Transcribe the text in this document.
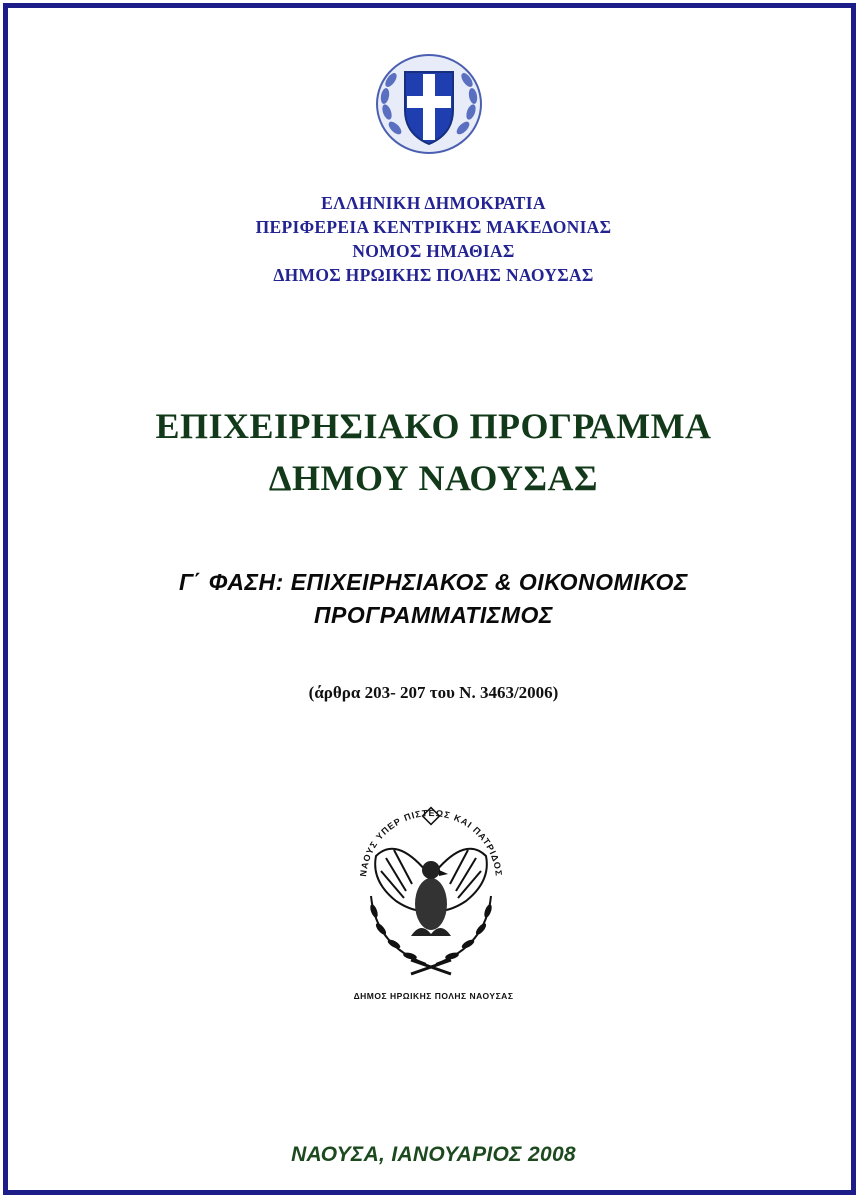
ΕΛΛΗΝΙΚΗ ΔΗΜΟΚΡΑΤΙΑ
ΠΕΡΙΦΕΡΕΙΑ ΚΕΝΤΡΙΚΗΣ ΜΑΚΕΔΟΝΙΑΣ
ΝΟΜΟΣ ΗΜΑΘΙΑΣ
ΔΗΜΟΣ ΗΡΩΙΚΗΣ ΠΟΛΗΣ ΝΑΟΥΣΑΣ
ΕΠΙΧΕΙΡΗΣΙΑΚΟ ΠΡΟΓΡΑΜΜΑ
ΔΗΜΟΥ ΝΑΟΥΣΑΣ
Γ΄ ΦΑΣΗ: ΕΠΙΧΕΙΡΗΣΙΑΚΟΣ & ΟΙΚΟΝΟΜΙΚΟΣ
ΠΡΟΓΡΑΜΜΑΤΙΣΜΟΣ
(άρθρα 203- 207 του Ν. 3463/2006)
ΝΑΟΥΣ ΥΠΕΡ ΠΙΣΤΕΩΣ ΚΑΙ ΠΑΤΡΙΔΟΣ
ΔΗΜΟΣ ΗΡΩΙΚΗΣ ΠΟΛΗΣ ΝΑΟΥΣΑΣ
ΝΑΟΥΣΑ, ΙΑΝΟΥΑΡΙΟΣ 2008
